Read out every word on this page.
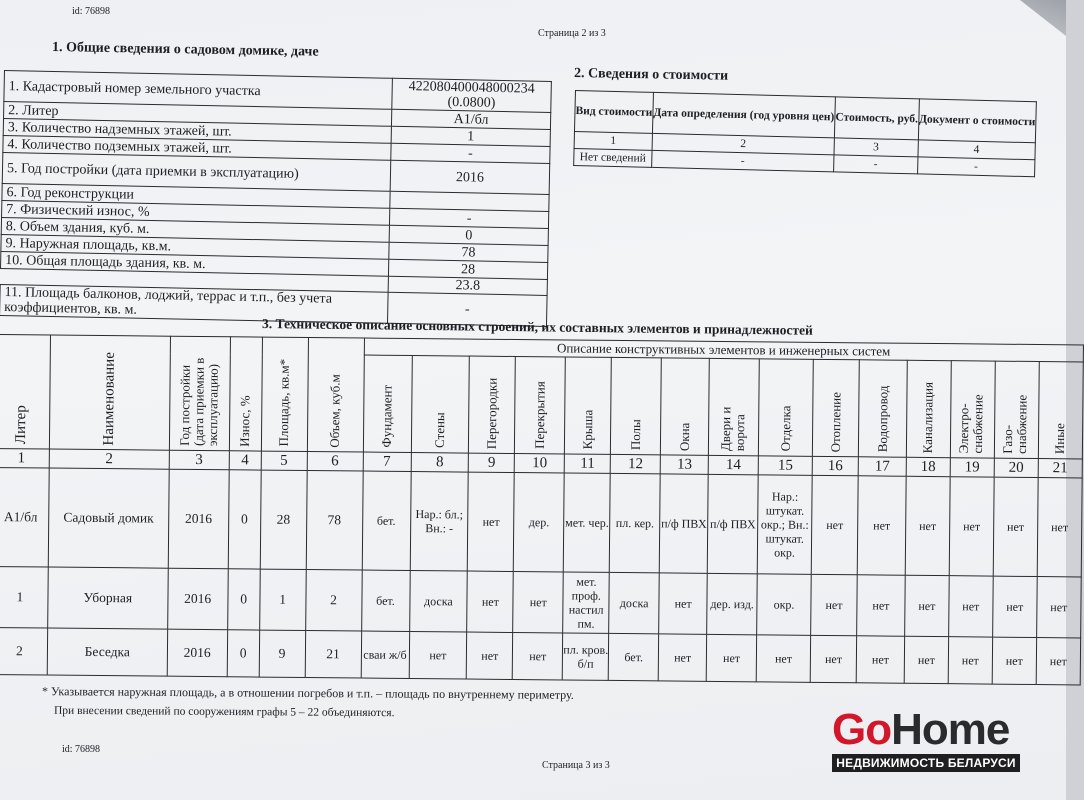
id: 76898
Страница 2 из 3
1. Общие сведения о садовом домике, даче
1. Кадастровый номер земельного участка	422080400048000234 (0.0800)
2. Литер	А1/бл
3. Количество надземных этажей, шт.	1
4. Количество подземных этажей, шт.	-
5. Год постройки (дата приемки в эксплуатацию)	2016
6. Год реконструкции	
7. Физический износ, %	-
8. Объем здания, куб. м.	0
9. Наружная площадь, кв.м.	78
10. Общая площадь здания, кв. м.	28
	23.8
11. Площадь балконов, лоджий, террас и т.п., без учета коэффициентов, кв. м.	-
2. Сведения о стоимости
Вид стоимости	Дата определения (год уровня цен)	Стоимость, руб.	Документ о стоимости
1	2	3	4
Нет сведений	-	-	-
3. Техническое описание основных строений, их составных элементов и принадлежностей
Литер	Наименование	Год постройки (дата приемки в эксплуатацию)	Износ, %	Площадь, кв.м*	Объем, куб.м	Описание конструктивных элементов и инженерных систем														
						Фундамент	Стены	Перегородки	Перекрытия	Крыша	Полы	Окна	Двери и ворота	Отделка	Отопление	Водопровод	Канализация	Электро-снабжение	Газо-снабжение	Иные
1	2	3	4	5	6	7	8	9	10	11	12	13	14	15	16	17	18	19	20	21
А1/бл	Садовый домик	2016	0	28	78	бет.	Нар.: бл.; Вн.: -	нет	дер.	мет. чер.	пл. кер.	п/ф ПВХ	п/ф ПВХ	Нар.: штукат. окр.; Вн.: штукат. окр.	нет	нет	нет	нет	нет	нет
1	Уборная	2016	0	1	2	бет.	доска	нет	нет	мет. проф. настил пм.	доска	нет	дер. изд.	окр.	нет	нет	нет	нет	нет	нет
2	Беседка	2016	0	9	21	сваи ж/б	нет	нет	нет	пл. кров. б/п	бет.	нет	нет	нет	нет	нет	нет	нет	нет	нет
* Указывается наружная площадь, а в отношении погребов и т.п. – площадь по внутреннему периметру.
При внесении сведений по сооружениям графы 5 – 22 объединяются.
id: 76898
Страница 3 из 3
GoHome
НЕДВИЖИМОСТЬ БЕЛАРУСИ
